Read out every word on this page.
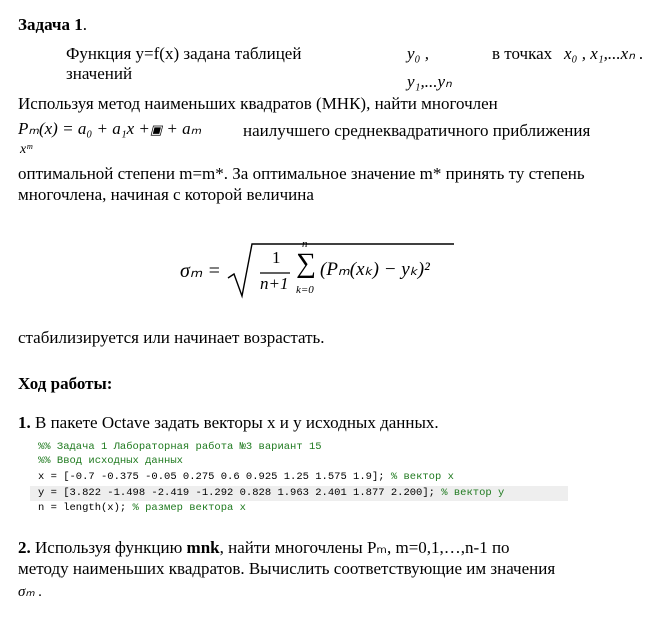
Задача 1.
Функция y=f(x) задана таблицей
значений
y₀ ,
y₁,...yₙ
в точках x₀ , x₁,...xₙ .
Используя метод наименьших квадратов (МНК), найти многочлен
Pₘ(x) = a₀ + a₁x +▣ + aₘ наилучшего среднеквадратичного приближения
xᵐ
оптимальной степени m=m*. За оптимальное значение m* принять ту степень
многочлена, начиная с которой величина
σₘ =
1
n+1
n
∑
k=0
(Pₘ(xₖ) − yₖ)²
стабилизируется или начинает возрастать.
Ход работы:
1. В пакете Octave задать векторы x и y исходных данных.
%% Задача 1 Лабораторная работа №3 вариант 15
%% Ввод исходных данных
x = [-0.7 -0.375 -0.05 0.275 0.6 0.925 1.25 1.575 1.9]; % вектор x
y = [3.822 -1.498 -2.419 -1.292 0.828 1.963 2.401 1.877 2.200]; % вектор y
n = length(x); % размер вектора x
2. Используя функцию mnk, найти многочлены Pₘ, m=0,1,…,n-1 по
методу наименьших квадратов. Вычислить соответствующие им значения
σₘ .
